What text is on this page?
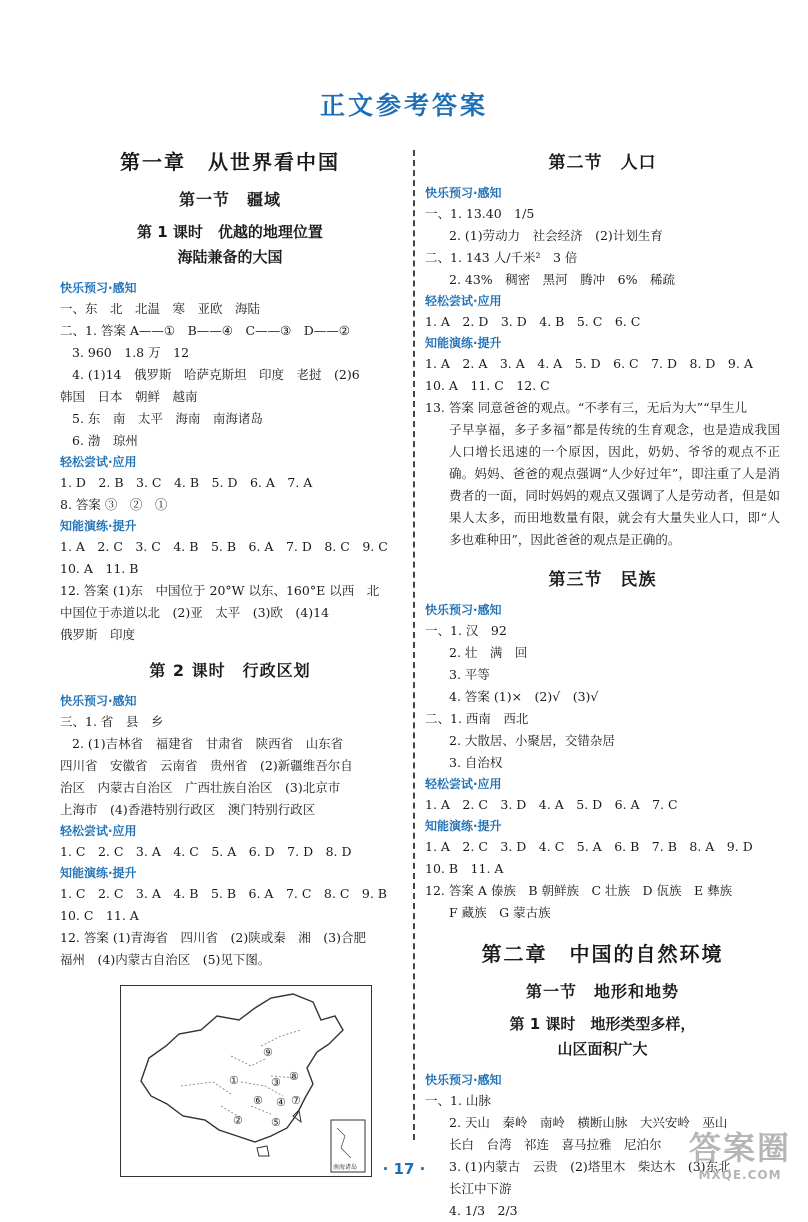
正文参考答案
第一章　从世界看中国
第一节　疆域
第 1 课时　优越的地理位置
海陆兼备的大国
快乐预习·感知
一、东　北　北温　寒　亚欧　海陆
二、1. 答案 A——①　B——④　C——③　D——②
3. 960　1.8 万　12
4. (1)14　俄罗斯　哈萨克斯坦　印度　老挝　(2)6
韩国　日本　朝鲜　越南
5. 东　南　太平　海南　南海诸岛
6. 渤　琼州
轻松尝试·应用
1. D　2. B　3. C　4. B　5. D　6. A　7. A
8. 答案 ③　②　①
知能演练·提升
1. A　2. C　3. C　4. B　5. B　6. A　7. D　8. C　9. C
10. A　11. B
12. 答案 (1)东　中国位于 20°W 以东、160°E 以西　北
中国位于赤道以北　(2)亚　太平　(3)欧　(4)14
俄罗斯　印度
第 2 课时　行政区划
快乐预习·感知
三、1. 省　县　乡
2. (1)吉林省　福建省　甘肃省　陕西省　山东省
四川省　安徽省　云南省　贵州省　(2)新疆维吾尔自
治区　内蒙古自治区　广西壮族自治区　(3)北京市
上海市　(4)香港特别行政区　澳门特别行政区
轻松尝试·应用
1. C　2. C　3. A　4. C　5. A　6. D　7. D　8. D
知能演练·提升
1. C　2. C　3. A　4. B　5. B　6. A　7. C　8. C　9. B
10. C　11. A
12. 答案 (1)青海省　四川省　(2)陕或秦　湘　(3)合肥
福州　(4)内蒙古自治区　(5)见下图。
①
②
③
④
⑤
⑥	⑦
⑧
⑨
南海诸岛
第二节　人口
快乐预习·感知
一、1. 13.40　1/5
2. (1)劳动力　社会经济　(2)计划生育
二、1. 143 人/千米²　3 倍
2. 43%　稠密　黑河　腾冲　6%　稀疏
轻松尝试·应用
1. A　2. D　3. D　4. B　5. C　6. C
知能演练·提升
1. A　2. A　3. A　4. A　5. D　6. C　7. D　8. D　9. A
10. A　11. C　12. C
13. 答案 同意爸爸的观点。“不孝有三，无后为大”“早生儿
子早享福，多子多福”都是传统的生育观念，也是造成我国人口增长迅速的一个原因，因此，奶奶、爷爷的观点不正确。妈妈、爸爸的观点强调“人少好过年”，即注重了人是消费者的一面，同时妈妈的观点又强调了人是劳动者，但是如果人太多，而田地数量有限，就会有大量失业人口，即“人多也难种田”，因此爸爸的观点是正确的。
第三节　民族
快乐预习·感知
一、1. 汉　92
2. 壮　满　回
3. 平等
4. 答案 (1)×　(2)√　(3)√
二、1. 西南　西北
2. 大散居、小聚居，交错杂居
3. 自治权
轻松尝试·应用
1. A　2. C　3. D　4. A　5. D　6. A　7. C
知能演练·提升
1. A　2. C　3. D　4. C　5. A　6. B　7. B　8. A　9. D
10. B　11. A
12. 答案 A 傣族　B 朝鲜族　C 壮族　D 佤族　E 彝族
F 藏族　G 蒙古族
第二章　中国的自然环境
第一节　地形和地势
第 1 课时　地形类型多样，
山区面积广大
快乐预习·感知
一、1. 山脉
2. 天山　秦岭　南岭　横断山脉　大兴安岭　巫山
长白　台湾　祁连　喜马拉雅　尼泊尔
3. (1)内蒙古　云贵　(2)塔里木　柴达木　(3)东北
长江中下游
4. 1/3　2/3
· 17 ·
答案圈
MXQE.COM
